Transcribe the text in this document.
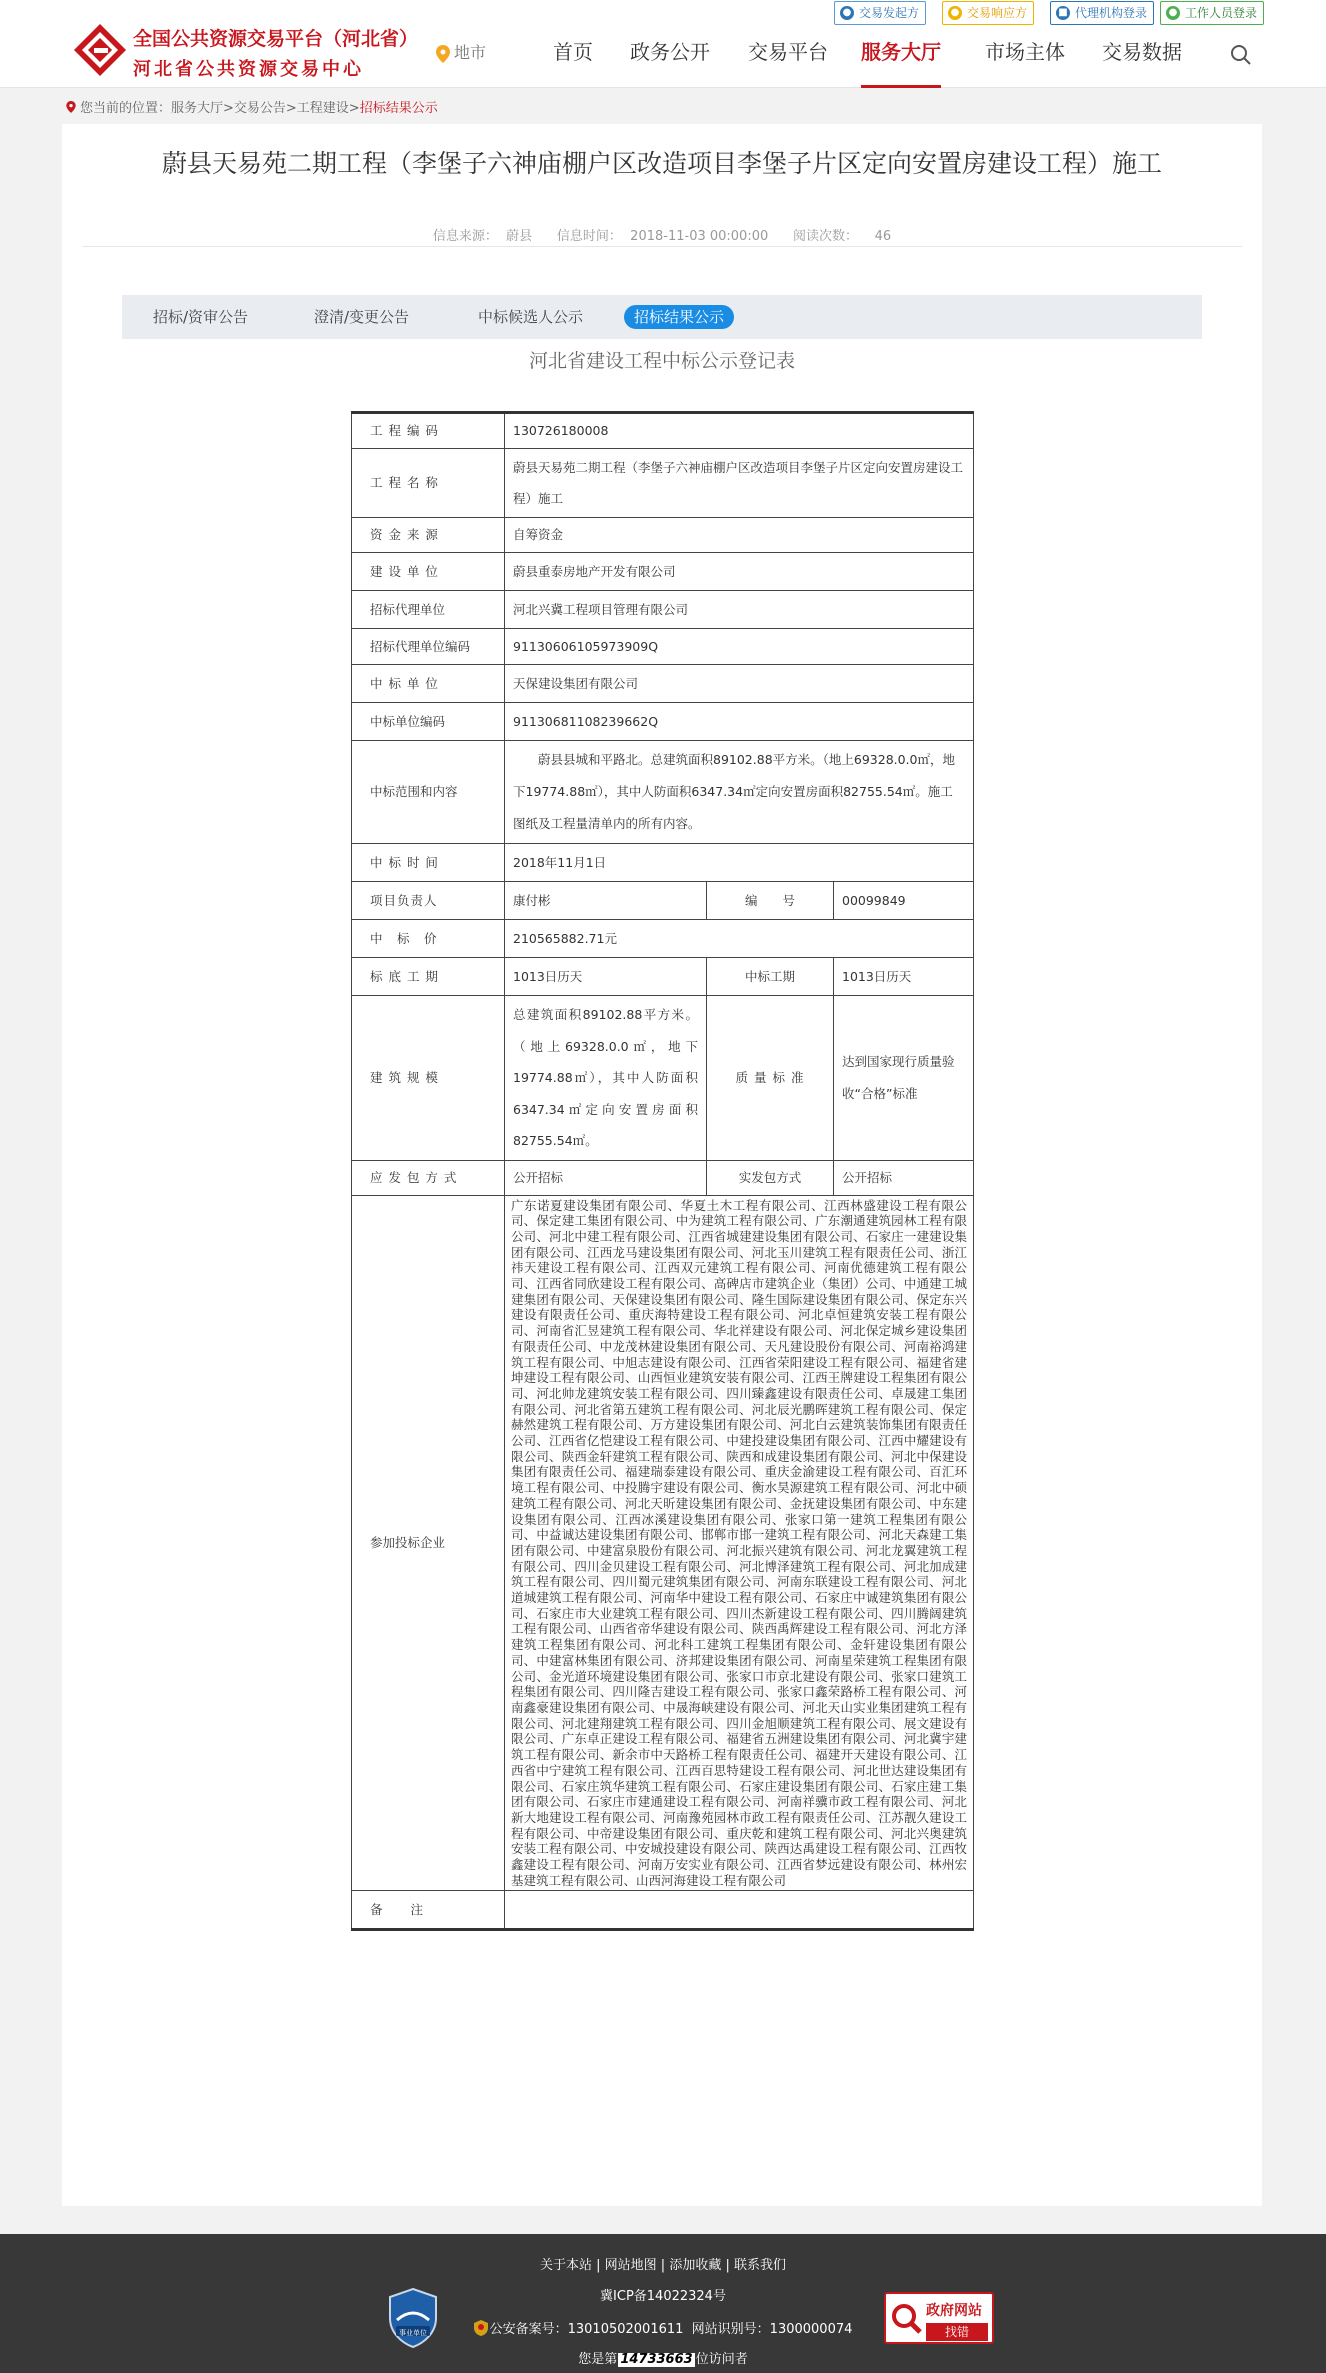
全国公共资源交易平台（河北省）
河北省公共资源交易中心
地市
● 交易发起方	● 交易响应方	■ 代理机构登录	● 工作人员登录
首页 政务公开 交易平台 服务大厅 市场主体 交易数据
您当前的位置：服务大厅>交易公告>工程建设>招标结果公示
蔚县天易苑二期工程（李堡子六神庙棚户区改造项目李堡子片区定向安置房建设工程）施工
信息来源：  蔚县      信息时间：  2018-11-03 00:00:00      阅读次数：    46
招标/资审公告	澄清/变更公告	中标候选人公示	招标结果公示
河北省建设工程中标公示登记表
工 程 编 码	130726180008		
工 程 名 称	蔚县天易苑二期工程（李堡子六神庙棚户区改造项目李堡子片区定向安置房建设工程）施工		
资 金 来 源	自筹资金		
建 设 单 位	蔚县重泰房地产开发有限公司		
招标代理单位	河北兴冀工程项目管理有限公司		
招标代理单位编码	91130606105973909Q		
中 标 单 位	天保建设集团有限公司		
中标单位编码	91130681108239662Q		
中标范围和内容	蔚县县城和平路北。总建筑面积89102.88平方米。（地上69328.0.0㎡，地下19774.88㎡），其中人防面积6347.34㎡定向安置房面积82755.54㎡。施工图纸及工程量清单内的所有内容。		
中 标 时 间	2018年11月1日		
项目负责人	康付彬	编　　号	00099849
中　标　价	210565882.71元		
标 底 工 期	1013日历天	中标工期	1013日历天
建 筑 规 模	总建筑面积89102.88平方米。（地上69328.0.0㎡，地下19774.88㎡），其中人防面积6347.34㎡定向安置房面积82755.54㎡。	质 量 标 准	达到国家现行质量验收“合格”标准
应 发 包 方 式	公开招标	实发包方式	公开招标
参加投标企业	广东诺夏建设集团有限公司、华夏土木工程有限公司、江西林盛建设工程有限公司、保定建工集团有限公司、中为建筑工程有限公司、广东潮通建筑园林工程有限公司、河北中建工程有限公司、江西省城建建设集团有限公司、石家庄一建建设集团有限公司、江西龙马建设集团有限公司、河北玉川建筑工程有限责任公司、浙江祎天建设工程有限公司、江西双元建筑工程有限公司、河南优德建筑工程有限公司、江西省同欣建设工程有限公司、高碑店市建筑企业（集团）公司、中通建工城建集团有限公司、天保建设集团有限公司、隆生国际建设集团有限公司、保定东兴建设有限责任公司、重庆海特建设工程有限公司、河北卓恒建筑安装工程有限公司、河南省汇昱建筑工程有限公司、华北祥建设有限公司、河北保定城乡建设集团有限责任公司、中龙茂林建设集团有限公司、天凡建设股份有限公司、河南裕鸿建筑工程有限公司、中旭志建设有限公司、江西省荣阳建设工程有限公司、福建省建坤建设工程有限公司、山西恒业建筑安装有限公司、江西王牌建设工程集团有限公司、河北帅龙建筑安装工程有限公司、四川臻鑫建设有限责任公司、卓晟建工集团有限公司、河北省第五建筑工程有限公司、河北辰光鹏晖建筑工程有限公司、保定赫然建筑工程有限公司、万方建设集团有限公司、河北白云建筑装饰集团有限责任公司、江西省亿恺建设工程有限公司、中建投建设集团有限公司、江西中耀建设有限公司、陕西金轩建筑工程有限公司、陕西和成建设集团有限公司、河北中保建设集团有限责任公司、福建瑞泰建设有限公司、重庆金渝建设工程有限公司、百汇环境工程有限公司、中投腾宇建设有限公司、衡水昊源建筑工程有限公司、河北中硕建筑工程有限公司、河北天昕建设集团有限公司、金抚建设集团有限公司、中东建设集团有限公司、江西冰溪建设集团有限公司、张家口第一建筑工程集团有限公司、中益诚达建设集团有限公司、邯郸市邯一建筑工程有限公司、河北天森建工集团有限公司、中建富泉股份有限公司、河北振兴建筑有限公司、河北龙翼建筑工程有限公司、四川金贝建设工程有限公司、河北博泽建筑工程有限公司、河北加成建筑工程有限公司、四川蜀元建筑集团有限公司、河南东联建设工程有限公司、河北道城建筑工程有限公司、河南华中建设工程有限公司、石家庄中诚建筑集团有限公司、石家庄市大业建筑工程有限公司、四川杰新建设工程有限公司、四川腾阔建筑工程有限公司、山西省帝华建设有限公司、陕西禹辉建设工程有限公司、河北方泽建筑工程集团有限公司、河北科工建筑工程集团有限公司、金轩建设集团有限公司、中建富林集团有限公司、济邦建设集团有限公司、河南星荣建筑工程集团有限公司、金光道环境建设集团有限公司、张家口市京北建设有限公司、张家口建筑工程集团有限公司、四川隆吉建设工程有限公司、张家口鑫荣路桥工程有限公司、河南鑫豪建设集团有限公司、中晟海峡建设有限公司、河北天山实业集团建筑工程有限公司、河北建翔建筑工程有限公司、四川金旭顺建筑工程有限公司、展文建设有限公司、广东卓正建设工程有限公司、福建省五洲建设集团有限公司、河北冀宇建筑工程有限公司、新余市中天路桥工程有限责任公司、福建开天建设有限公司、江西省中宁建筑工程有限公司、江西百思特建设工程有限公司、河北世达建设集团有限公司、石家庄筑华建筑工程有限公司、石家庄建设集团有限公司、石家庄建工集团有限公司、石家庄市建通建设工程有限公司、河南祥骥市政工程有限公司、河北新大地建设工程有限公司、河南豫苑园林市政工程有限责任公司、江苏靓久建设工程有限公司、中帝建设集团有限公司、重庆乾和建筑工程有限公司、河北兴奥建筑安装工程有限公司、中安城投建设有限公司、陕西达禹建设工程有限公司、江西牧鑫建设工程有限公司、河南万安实业有限公司、江西省梦远建设有限公司、林州宏基建筑工程有限公司、山西河海建设工程有限公司		
备　　注			
关于本站 | 网站地图 | 添加收藏 | 联系我们
冀ICP备14022324号
公安备案号：13010502001611  网站识别号：1300000074
您是第 14733663 位访问者
事业单位
政府网站
找错
